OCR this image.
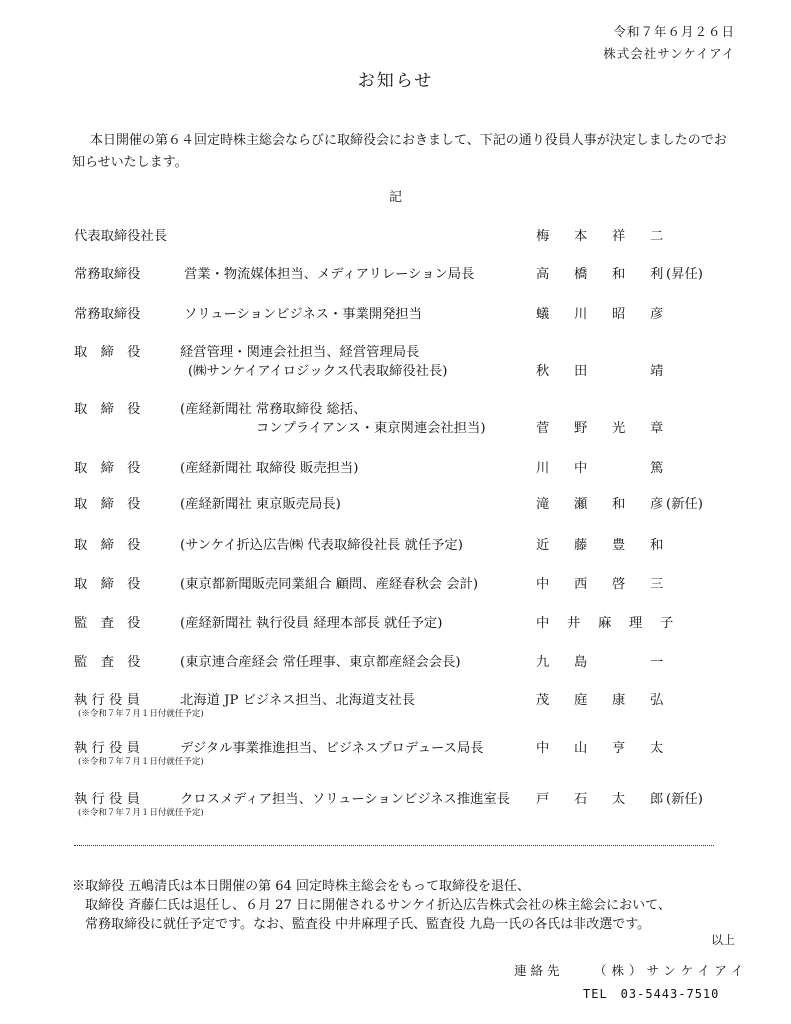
令和７年６月２６日
株式会社サンケイアイ
お知らせ
本日開催の第６４回定時株主総会ならびに取締役会におきまして、下記の通り役員人事が決定しましたのでお知らせいたします。
記
代表取締役社長	梅	本	祥	二
常務取締役	営業・物流媒体担当、メディアリレーション局長	高	橋	和	利 (昇任)
常務取締役	ソリューションビジネス・事業開発担当	蟻	川	昭	彦
取　締　役	経営管理・関連会社担当、経営管理局長
(㈱サンケイアイロジックス代表取締役社長)	秋	田	靖
取　締　役	(産経新聞社 常務取締役 総括、
コンプライアンス・東京関連会社担当)	菅	野	光	章
取　締　役	(産経新聞社 取締役 販売担当)	川	中	篤
取　締　役	(産経新聞社 東京販売局長)	滝	瀬	和	彦 (新任)
取　締　役	(サンケイ折込広告㈱ 代表取締役社長 就任予定)	近	藤	豊	和
取　締　役	(東京都新聞販売同業組合 顧問、産経春秋会 会計)	中	西	啓	三
監　査　役	(産経新聞社 執行役員 経理本部長 就任予定)	中	井	麻	理	子
監　査　役	(東京連合産経会 常任理事、東京都産経会会長)	九	島	一
執 行 役 員	北海道 JP ビジネス担当、北海道支社長	茂	庭	康	弘
(※令和７年７月１日付就任予定)
執 行 役 員	デジタル事業推進担当、ビジネスプロデュース局長	中	山	亨	太
(※令和７年７月１日付就任予定)
執 行 役 員	クロスメディア担当、ソリューションビジネス推進室長 戸	石	太	郎 (新任)
(※令和７年７月１日付就任予定)
※取締役 五嶋清氏は本日開催の第 64 回定時株主総会をもって取締役を退任、
　取締役 斉藤仁氏は退任し、６月 27 日に開催されるサンケイ折込広告株式会社の株主総会において、
　常務取締役に就任予定です。なお、監査役 中井麻理子氏、監査役 九島一氏の各氏は非改選です。
以上
連絡先 （株）サンケイアイ
TEL　03-5443-7510
